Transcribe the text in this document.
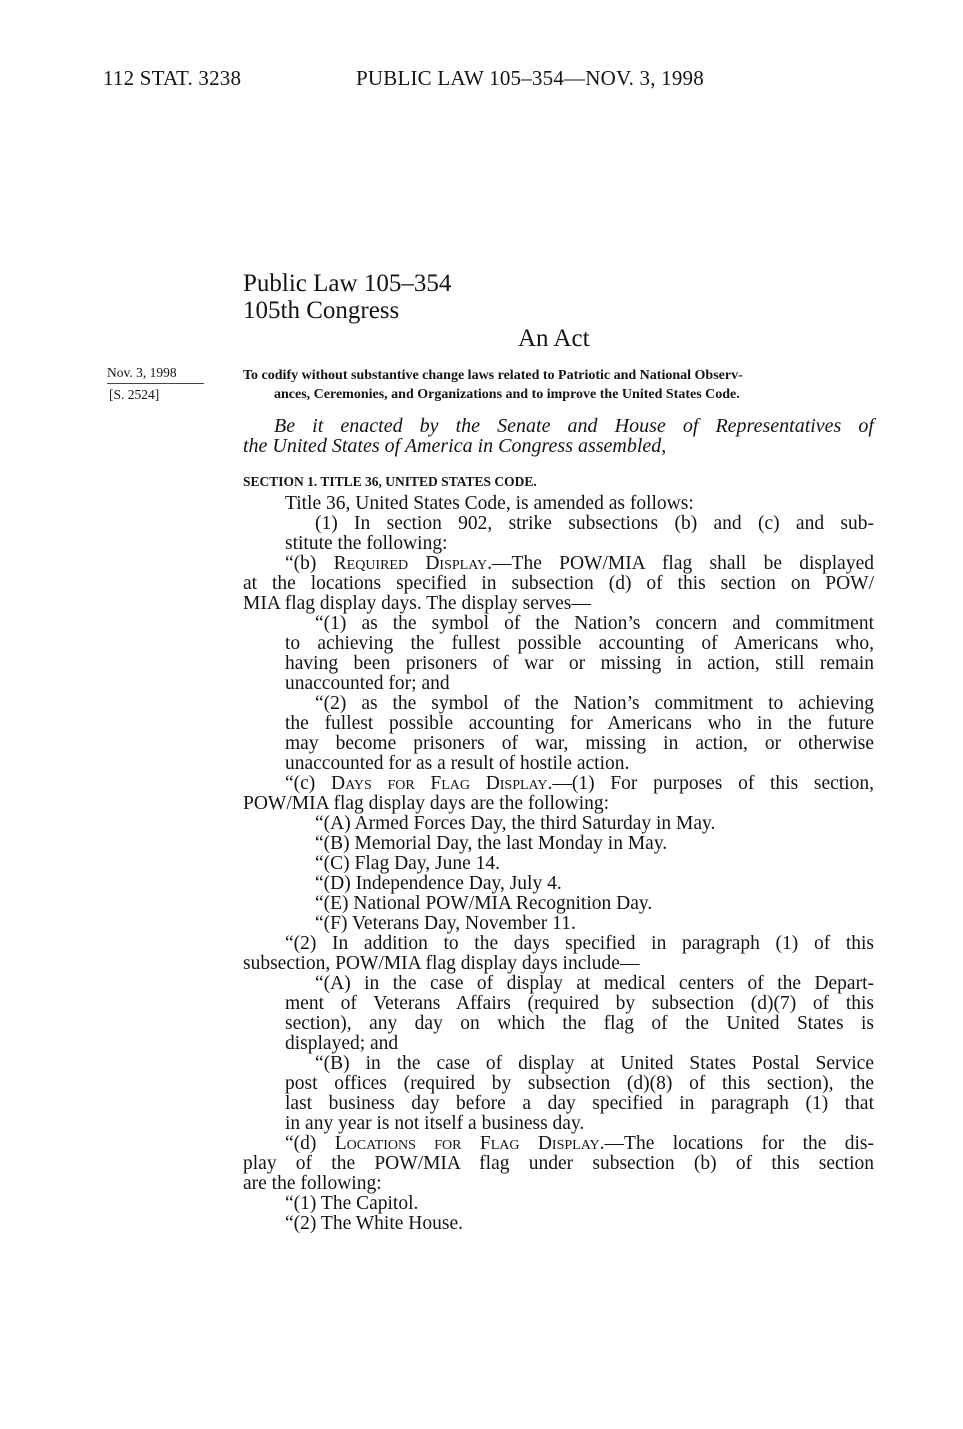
112 STAT. 3238	PUBLIC LAW 105–354—NOV. 3, 1998
Public Law 105–354
105th Congress
An Act
Nov. 3, 1998
[S. 2524]
To codify without substantive change laws related to Patriotic and National Observ-
ances, Ceremonies, and Organizations and to improve the United States Code.
Be it enacted by the Senate and House of Representatives of
the United States of America in Congress assembled,
SECTION 1. TITLE 36, UNITED STATES CODE.
Title 36, United States Code, is amended as follows:
(1) In section 902, strike subsections (b) and (c) and sub-
stitute the following:
“(b) Required Display.—The POW/MIA flag shall be displayed
at the locations specified in subsection (d) of this section on POW/
MIA flag display days. The display serves—
“(1) as the symbol of the Nation’s concern and commitment
to achieving the fullest possible accounting of Americans who,
having been prisoners of war or missing in action, still remain
unaccounted for; and
“(2) as the symbol of the Nation’s commitment to achieving
the fullest possible accounting for Americans who in the future
may become prisoners of war, missing in action, or otherwise
unaccounted for as a result of hostile action.
“(c) Days for Flag Display.—(1) For purposes of this section,
POW/MIA flag display days are the following:
“(A) Armed Forces Day, the third Saturday in May.
“(B) Memorial Day, the last Monday in May.
“(C) Flag Day, June 14.
“(D) Independence Day, July 4.
“(E) National POW/MIA Recognition Day.
“(F) Veterans Day, November 11.
“(2) In addition to the days specified in paragraph (1) of this
subsection, POW/MIA flag display days include—
“(A) in the case of display at medical centers of the Depart-
ment of Veterans Affairs (required by subsection (d)(7) of this
section), any day on which the flag of the United States is
displayed; and
“(B) in the case of display at United States Postal Service
post offices (required by subsection (d)(8) of this section), the
last business day before a day specified in paragraph (1) that
in any year is not itself a business day.
“(d) Locations for Flag Display.—The locations for the dis-
play of the POW/MIA flag under subsection (b) of this section
are the following:
“(1) The Capitol.
“(2) The White House.
